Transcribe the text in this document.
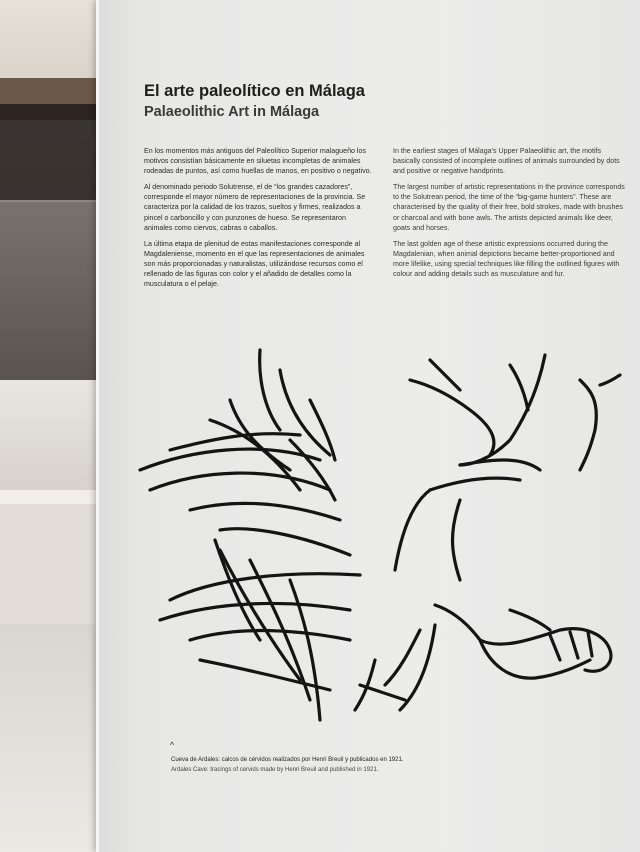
El arte paleolítico en Málaga
Palaeolithic Art in Málaga

En los momentos más antiguos del Paleolítico Superior malagueño los motivos consistían básicamente en siluetas incompletas de animales rodeadas de puntos, así como huellas de manos, en positivo o negativo.

Al denominado periodo Solutrense, el de “los grandes cazadores”, corresponde el mayor número de representaciones de la provincia. Se caracteriza por la calidad de los trazos, sueltos y firmes, realizados a pincel o carboncillo y con punzones de hueso. Se representaron animales como ciervos, cabras o caballos.

La última etapa de plenitud de estas manifestaciones corresponde al Magdaleniense, momento en el que las representaciones de animales son más proporcionadas y naturalistas, utilizándose recursos como el rellenado de las figuras con color y el añadido de detalles como la musculatura o el pelaje.

In the earliest stages of Málaga’s Upper Palaeolithic art, the motifs basically consisted of incomplete outlines of animals surrounded by dots and positive or negative handprints.

The largest number of artistic representations in the province corresponds to the Solutrean period, the time of the “big-game hunters”. These are characterised by the quality of their free, bold strokes, made with brushes or charcoal and with bone awls. The artists depicted animals like deer, goats and horses.

The last golden age of these artistic expressions occurred during the Magdalenian, when animal depictions became better-proportioned and more lifelike, using special techniques like filling the outlined figures with colour and adding details such as musculature and fur.

^

Cueva de Ardales: calcos de cérvidos realizados por Henri Breuil y publicados en 1921.

Ardales Cave: tracings of cervids made by Henri Breuil and published in 1921.
